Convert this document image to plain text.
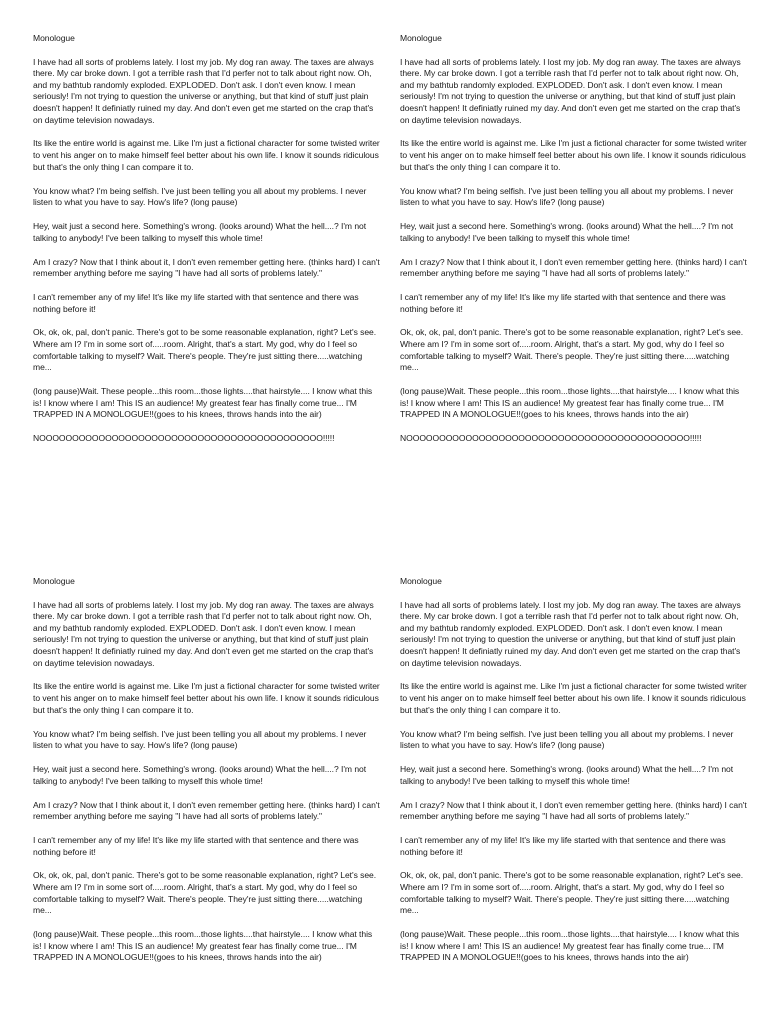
Monologue

I have had all sorts of problems lately. I lost my job. My dog ran away. The taxes are always there. My car broke down. I got a terrible rash that I'd perfer not to talk about right now. Oh, and my bathtub randomly exploded. EXPLODED. Don't ask. I don't even know. I mean seriously! I'm not trying to question the universe or anything, but that kind of stuff just plain doesn't happen! It definiatly ruined my day. And don't even get me started on the crap that's on daytime television nowadays.

Its like the entire world is against me. Like I'm just a fictional character for some twisted writer to vent his anger on to make himself feel better about his own life. I know it sounds ridiculous but that's the only thing I can compare it to.

You know what? I'm being selfish. I've just been telling you all about my problems. I never listen to what you have to say. How's life? (long pause)

Hey, wait just a second here. Something's wrong. (looks around) What the hell....? I'm not talking to anybody! I've been talking to myself this whole time!

Am I crazy? Now that I think about it, I don't even remember getting here. (thinks hard) I can't remember anything before me saying "I have had all sorts of problems lately."

I can't remember any of my life! It's like my life started with that sentence and there was nothing before it!

Ok, ok, ok, pal, don't panic. There's got to be some reasonable explanation, right? Let's see. Where am I? I'm in some sort of.....room. Alright, that's a start. My god, why do I feel so comfortable talking to myself? Wait. There's people. They're just sitting there.....watching me...

(long pause)Wait. These people...this room...those lights....that hairstyle.... I know what this is! I know where I am! This IS an audience! My greatest fear has finally come true... I'M TRAPPED IN A MONOLOGUE!!(goes to his knees, throws hands into the air)

NOOOOOOOOOOOOOOOOOOOOOOOOOOOOOOOOOOOOOOOOOOO!!!!!

Monologue

I have had all sorts of problems lately. I lost my job. My dog ran away. The taxes are always there. My car broke down. I got a terrible rash that I'd perfer not to talk about right now. Oh, and my bathtub randomly exploded. EXPLODED. Don't ask. I don't even know. I mean seriously! I'm not trying to question the universe or anything, but that kind of stuff just plain doesn't happen! It definiatly ruined my day. And don't even get me started on the crap that's on daytime television nowadays.

Its like the entire world is against me. Like I'm just a fictional character for some twisted writer to vent his anger on to make himself feel better about his own life. I know it sounds ridiculous but that's the only thing I can compare it to.

You know what? I'm being selfish. I've just been telling you all about my problems. I never listen to what you have to say. How's life? (long pause)

Hey, wait just a second here. Something's wrong. (looks around) What the hell....? I'm not talking to anybody! I've been talking to myself this whole time!

Am I crazy? Now that I think about it, I don't even remember getting here. (thinks hard) I can't remember anything before me saying "I have had all sorts of problems lately."

I can't remember any of my life! It's like my life started with that sentence and there was nothing before it!

Ok, ok, ok, pal, don't panic. There's got to be some reasonable explanation, right? Let's see. Where am I? I'm in some sort of.....room. Alright, that's a start. My god, why do I feel so comfortable talking to myself? Wait. There's people. They're just sitting there.....watching me...

(long pause)Wait. These people...this room...those lights....that hairstyle.... I know what this is! I know where I am! This IS an audience! My greatest fear has finally come true... I'M TRAPPED IN A MONOLOGUE!!(goes to his knees, throws hands into the air)

NOOOOOOOOOOOOOOOOOOOOOOOOOOOOOOOOOOOOOOOOOOO!!!!!

Monologue

I have had all sorts of problems lately. I lost my job. My dog ran away. The taxes are always there. My car broke down. I got a terrible rash that I'd perfer not to talk about right now. Oh, and my bathtub randomly exploded. EXPLODED. Don't ask. I don't even know. I mean seriously! I'm not trying to question the universe or anything, but that kind of stuff just plain doesn't happen! It definiatly ruined my day. And don't even get me started on the crap that's on daytime television nowadays.

Its like the entire world is against me. Like I'm just a fictional character for some twisted writer to vent his anger on to make himself feel better about his own life. I know it sounds ridiculous but that's the only thing I can compare it to.

You know what? I'm being selfish. I've just been telling you all about my problems. I never listen to what you have to say. How's life? (long pause)

Hey, wait just a second here. Something's wrong. (looks around) What the hell....? I'm not talking to anybody! I've been talking to myself this whole time!

Am I crazy? Now that I think about it, I don't even remember getting here. (thinks hard) I can't remember anything before me saying "I have had all sorts of problems lately."

I can't remember any of my life! It's like my life started with that sentence and there was nothing before it!

Ok, ok, ok, pal, don't panic. There's got to be some reasonable explanation, right? Let's see. Where am I? I'm in some sort of.....room. Alright, that's a start. My god, why do I feel so comfortable talking to myself? Wait. There's people. They're just sitting there.....watching me...

(long pause)Wait. These people...this room...those lights....that hairstyle.... I know what this is! I know where I am! This IS an audience! My greatest fear has finally come true... I'M TRAPPED IN A MONOLOGUE!!(goes to his knees, throws hands into the air)

Monologue

I have had all sorts of problems lately. I lost my job. My dog ran away. The taxes are always there. My car broke down. I got a terrible rash that I'd perfer not to talk about right now. Oh, and my bathtub randomly exploded. EXPLODED. Don't ask. I don't even know. I mean seriously! I'm not trying to question the universe or anything, but that kind of stuff just plain doesn't happen! It definiatly ruined my day. And don't even get me started on the crap that's on daytime television nowadays.

Its like the entire world is against me. Like I'm just a fictional character for some twisted writer to vent his anger on to make himself feel better about his own life. I know it sounds ridiculous but that's the only thing I can compare it to.

You know what? I'm being selfish. I've just been telling you all about my problems. I never listen to what you have to say. How's life? (long pause)

Hey, wait just a second here. Something's wrong. (looks around) What the hell....? I'm not talking to anybody! I've been talking to myself this whole time!

Am I crazy? Now that I think about it, I don't even remember getting here. (thinks hard) I can't remember anything before me saying "I have had all sorts of problems lately."

I can't remember any of my life! It's like my life started with that sentence and there was nothing before it!

Ok, ok, ok, pal, don't panic. There's got to be some reasonable explanation, right? Let's see. Where am I? I'm in some sort of.....room. Alright, that's a start. My god, why do I feel so comfortable talking to myself? Wait. There's people. They're just sitting there.....watching me...

(long pause)Wait. These people...this room...those lights....that hairstyle.... I know what this is! I know where I am! This IS an audience! My greatest fear has finally come true... I'M TRAPPED IN A MONOLOGUE!!(goes to his knees, throws hands into the air)
